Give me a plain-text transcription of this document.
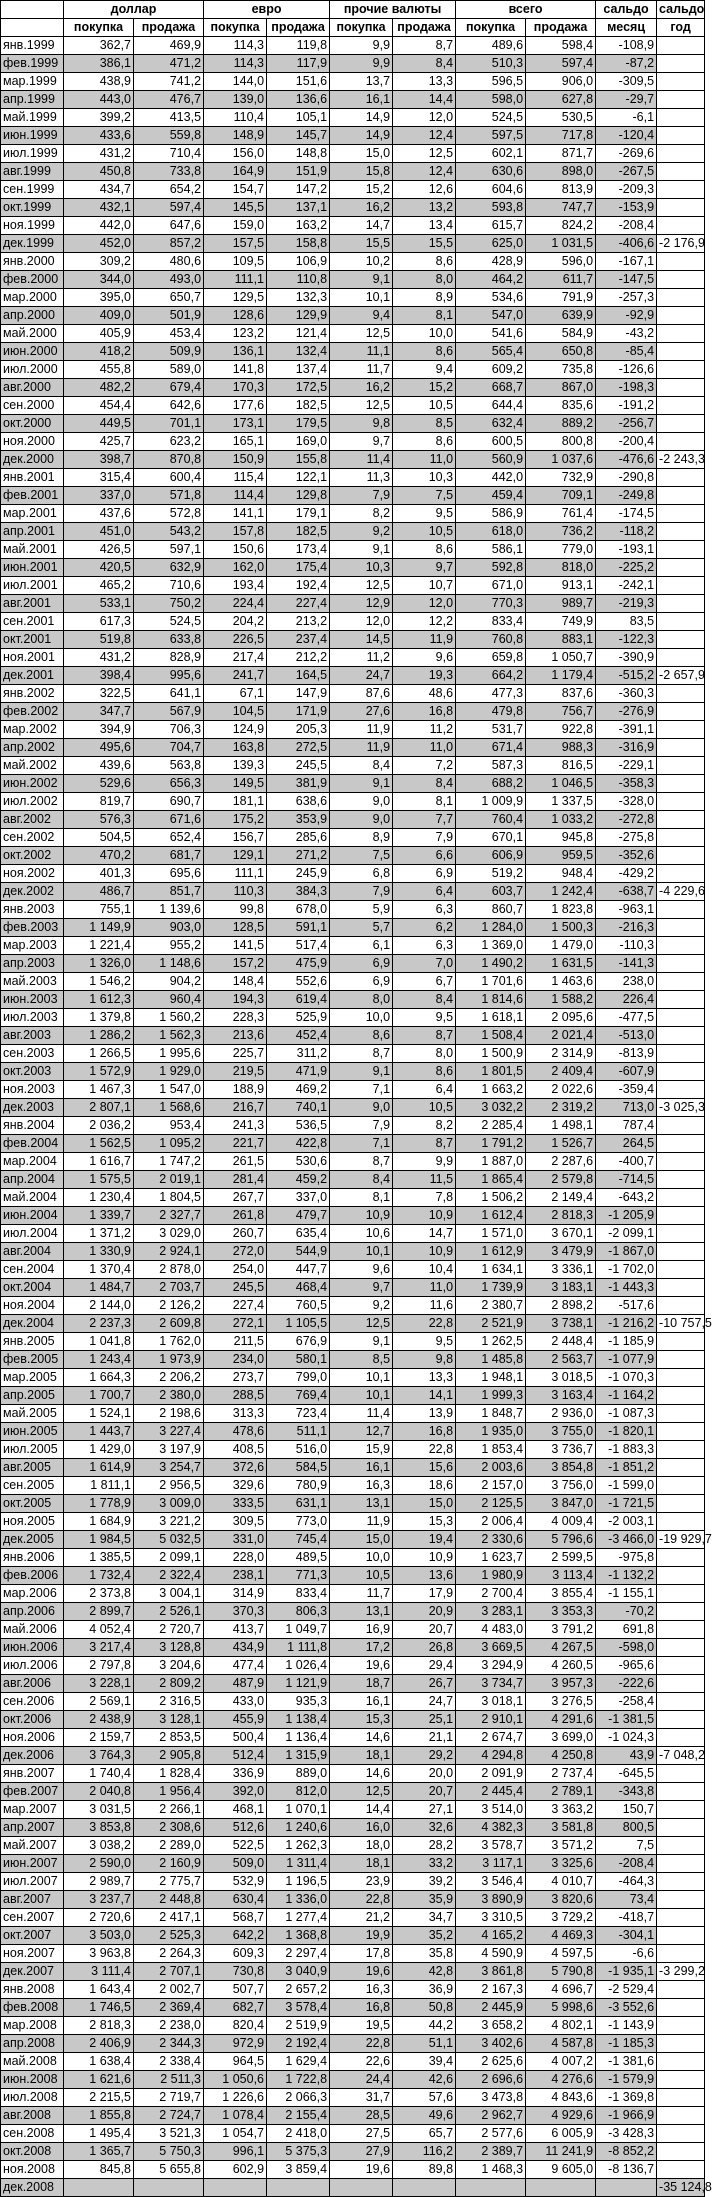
	доллар		евро		прочие валюты		всего		сальдо	сальдо
	покупка	продажа	покупка	продажа	покупка	продажа	покупка	продажа	месяц	год
янв.1999	362,7	469,9	114,3	119,8	9,9	8,7	489,6	598,4	-108,9	
фев.1999	386,1	471,2	114,3	117,9	9,9	8,4	510,3	597,4	-87,2	
мар.1999	438,9	741,2	144,0	151,6	13,7	13,3	596,5	906,0	-309,5	
апр.1999	443,0	476,7	139,0	136,6	16,1	14,4	598,0	627,8	-29,7	
май.1999	399,2	413,5	110,4	105,1	14,9	12,0	524,5	530,5	-6,1	
июн.1999	433,6	559,8	148,9	145,7	14,9	12,4	597,5	717,8	-120,4	
июл.1999	431,2	710,4	156,0	148,8	15,0	12,5	602,1	871,7	-269,6	
авг.1999	450,8	733,8	164,9	151,9	15,8	12,4	630,6	898,0	-267,5	
сен.1999	434,7	654,2	154,7	147,2	15,2	12,6	604,6	813,9	-209,3	
окт.1999	432,1	597,4	145,5	137,1	16,2	13,2	593,8	747,7	-153,9	
ноя.1999	442,0	647,6	159,0	163,2	14,7	13,4	615,7	824,2	-208,4	
дек.1999	452,0	857,2	157,5	158,8	15,5	15,5	625,0	1 031,5	-406,6	-2 176,9
янв.2000	309,2	480,6	109,5	106,9	10,2	8,6	428,9	596,0	-167,1	
фев.2000	344,0	493,0	111,1	110,8	9,1	8,0	464,2	611,7	-147,5	
мар.2000	395,0	650,7	129,5	132,3	10,1	8,9	534,6	791,9	-257,3	
апр.2000	409,0	501,9	128,6	129,9	9,4	8,1	547,0	639,9	-92,9	
май.2000	405,9	453,4	123,2	121,4	12,5	10,0	541,6	584,9	-43,2	
июн.2000	418,2	509,9	136,1	132,4	11,1	8,6	565,4	650,8	-85,4	
июл.2000	455,8	589,0	141,8	137,4	11,7	9,4	609,2	735,8	-126,6	
авг.2000	482,2	679,4	170,3	172,5	16,2	15,2	668,7	867,0	-198,3	
сен.2000	454,4	642,6	177,6	182,5	12,5	10,5	644,4	835,6	-191,2	
окт.2000	449,5	701,1	173,1	179,5	9,8	8,5	632,4	889,2	-256,7	
ноя.2000	425,7	623,2	165,1	169,0	9,7	8,6	600,5	800,8	-200,4	
дек.2000	398,7	870,8	150,9	155,8	11,4	11,0	560,9	1 037,6	-476,6	-2 243,3
янв.2001	315,4	600,4	115,4	122,1	11,3	10,3	442,0	732,9	-290,8	
фев.2001	337,0	571,8	114,4	129,8	7,9	7,5	459,4	709,1	-249,8	
мар.2001	437,6	572,8	141,1	179,1	8,2	9,5	586,9	761,4	-174,5	
апр.2001	451,0	543,2	157,8	182,5	9,2	10,5	618,0	736,2	-118,2	
май.2001	426,5	597,1	150,6	173,4	9,1	8,6	586,1	779,0	-193,1	
июн.2001	420,5	632,9	162,0	175,4	10,3	9,7	592,8	818,0	-225,2	
июл.2001	465,2	710,6	193,4	192,4	12,5	10,7	671,0	913,1	-242,1	
авг.2001	533,1	750,2	224,4	227,4	12,9	12,0	770,3	989,7	-219,3	
сен.2001	617,3	524,5	204,2	213,2	12,0	12,2	833,4	749,9	83,5	
окт.2001	519,8	633,8	226,5	237,4	14,5	11,9	760,8	883,1	-122,3	
ноя.2001	431,2	828,9	217,4	212,2	11,2	9,6	659,8	1 050,7	-390,9	
дек.2001	398,4	995,6	241,7	164,5	24,7	19,3	664,2	1 179,4	-515,2	-2 657,9
янв.2002	322,5	641,1	67,1	147,9	87,6	48,6	477,3	837,6	-360,3	
фев.2002	347,7	567,9	104,5	171,9	27,6	16,8	479,8	756,7	-276,9	
мар.2002	394,9	706,3	124,9	205,3	11,9	11,2	531,7	922,8	-391,1	
апр.2002	495,6	704,7	163,8	272,5	11,9	11,0	671,4	988,3	-316,9	
май.2002	439,6	563,8	139,3	245,5	8,4	7,2	587,3	816,5	-229,1	
июн.2002	529,6	656,3	149,5	381,9	9,1	8,4	688,2	1 046,5	-358,3	
июл.2002	819,7	690,7	181,1	638,6	9,0	8,1	1 009,9	1 337,5	-328,0	
авг.2002	576,3	671,6	175,2	353,9	9,0	7,7	760,4	1 033,2	-272,8	
сен.2002	504,5	652,4	156,7	285,6	8,9	7,9	670,1	945,8	-275,8	
окт.2002	470,2	681,7	129,1	271,2	7,5	6,6	606,9	959,5	-352,6	
ноя.2002	401,3	695,6	111,1	245,9	6,8	6,9	519,2	948,4	-429,2	
дек.2002	486,7	851,7	110,3	384,3	7,9	6,4	603,7	1 242,4	-638,7	-4 229,6
янв.2003	755,1	1 139,6	99,8	678,0	5,9	6,3	860,7	1 823,8	-963,1	
фев.2003	1 149,9	903,0	128,5	591,1	5,7	6,2	1 284,0	1 500,3	-216,3	
мар.2003	1 221,4	955,2	141,5	517,4	6,1	6,3	1 369,0	1 479,0	-110,3	
апр.2003	1 326,0	1 148,6	157,2	475,9	6,9	7,0	1 490,2	1 631,5	-141,3	
май.2003	1 546,2	904,2	148,4	552,6	6,9	6,7	1 701,6	1 463,6	238,0	
июн.2003	1 612,3	960,4	194,3	619,4	8,0	8,4	1 814,6	1 588,2	226,4	
июл.2003	1 379,8	1 560,2	228,3	525,9	10,0	9,5	1 618,1	2 095,6	-477,5	
авг.2003	1 286,2	1 562,3	213,6	452,4	8,6	8,7	1 508,4	2 021,4	-513,0	
сен.2003	1 266,5	1 995,6	225,7	311,2	8,7	8,0	1 500,9	2 314,9	-813,9	
окт.2003	1 572,9	1 929,0	219,5	471,9	9,1	8,6	1 801,5	2 409,4	-607,9	
ноя.2003	1 467,3	1 547,0	188,9	469,2	7,1	6,4	1 663,2	2 022,6	-359,4	
дек.2003	2 807,1	1 568,6	216,7	740,1	9,0	10,5	3 032,2	2 319,2	713,0	-3 025,3
янв.2004	2 036,2	953,4	241,3	536,5	7,9	8,2	2 285,4	1 498,1	787,4	
фев.2004	1 562,5	1 095,2	221,7	422,8	7,1	8,7	1 791,2	1 526,7	264,5	
мар.2004	1 616,7	1 747,2	261,5	530,6	8,7	9,9	1 887,0	2 287,6	-400,7	
апр.2004	1 575,5	2 019,1	281,4	459,2	8,4	11,5	1 865,4	2 579,8	-714,5	
май.2004	1 230,4	1 804,5	267,7	337,0	8,1	7,8	1 506,2	2 149,4	-643,2	
июн.2004	1 339,7	2 327,7	261,8	479,7	10,9	10,9	1 612,4	2 818,3	-1 205,9	
июл.2004	1 371,2	3 029,0	260,7	635,4	10,6	14,7	1 571,0	3 670,1	-2 099,1	
авг.2004	1 330,9	2 924,1	272,0	544,9	10,1	10,9	1 612,9	3 479,9	-1 867,0	
сен.2004	1 370,4	2 878,0	254,0	447,7	9,6	10,4	1 634,1	3 336,1	-1 702,0	
окт.2004	1 484,7	2 703,7	245,5	468,4	9,7	11,0	1 739,9	3 183,1	-1 443,3	
ноя.2004	2 144,0	2 126,2	227,4	760,5	9,2	11,6	2 380,7	2 898,2	-517,6	
дек.2004	2 237,3	2 609,8	272,1	1 105,5	12,5	22,8	2 521,9	3 738,1	-1 216,2	-10 757,5
янв.2005	1 041,8	1 762,0	211,5	676,9	9,1	9,5	1 262,5	2 448,4	-1 185,9	
фев.2005	1 243,4	1 973,9	234,0	580,1	8,5	9,8	1 485,8	2 563,7	-1 077,9	
мар.2005	1 664,3	2 206,2	273,7	799,0	10,1	13,3	1 948,1	3 018,5	-1 070,3	
апр.2005	1 700,7	2 380,0	288,5	769,4	10,1	14,1	1 999,3	3 163,4	-1 164,2	
май.2005	1 524,1	2 198,6	313,3	723,4	11,4	13,9	1 848,7	2 936,0	-1 087,3	
июн.2005	1 443,7	3 227,4	478,6	511,1	12,7	16,8	1 935,0	3 755,0	-1 820,1	
июл.2005	1 429,0	3 197,9	408,5	516,0	15,9	22,8	1 853,4	3 736,7	-1 883,3	
авг.2005	1 614,9	3 254,7	372,6	584,5	16,1	15,6	2 003,6	3 854,8	-1 851,2	
сен.2005	1 811,1	2 956,5	329,6	780,9	16,3	18,6	2 157,0	3 756,0	-1 599,0	
окт.2005	1 778,9	3 009,0	333,5	631,1	13,1	15,0	2 125,5	3 847,0	-1 721,5	
ноя.2005	1 684,9	3 221,2	309,5	773,0	11,9	15,3	2 006,4	4 009,4	-2 003,1	
дек.2005	1 984,5	5 032,5	331,0	745,4	15,0	19,4	2 330,6	5 796,6	-3 466,0	-19 929,7
янв.2006	1 385,5	2 099,1	228,0	489,5	10,0	10,9	1 623,7	2 599,5	-975,8	
фев.2006	1 732,4	2 322,4	238,1	771,3	10,5	13,6	1 980,9	3 113,4	-1 132,2	
мар.2006	2 373,8	3 004,1	314,9	833,4	11,7	17,9	2 700,4	3 855,4	-1 155,1	
апр.2006	2 899,7	2 526,1	370,3	806,3	13,1	20,9	3 283,1	3 353,3	-70,2	
май.2006	4 052,4	2 720,7	413,7	1 049,7	16,9	20,7	4 483,0	3 791,2	691,8	
июн.2006	3 217,4	3 128,8	434,9	1 111,8	17,2	26,8	3 669,5	4 267,5	-598,0	
июл.2006	2 797,8	3 204,6	477,4	1 026,4	19,6	29,4	3 294,9	4 260,5	-965,6	
авг.2006	3 228,1	2 809,2	487,9	1 121,9	18,7	26,7	3 734,7	3 957,3	-222,6	
сен.2006	2 569,1	2 316,5	433,0	935,3	16,1	24,7	3 018,1	3 276,5	-258,4	
окт.2006	2 438,9	3 128,1	455,9	1 138,4	15,3	25,1	2 910,1	4 291,6	-1 381,5	
ноя.2006	2 159,7	2 853,5	500,4	1 136,4	14,6	21,1	2 674,7	3 699,0	-1 024,3	
дек.2006	3 764,3	2 905,8	512,4	1 315,9	18,1	29,2	4 294,8	4 250,8	43,9	-7 048,2
янв.2007	1 740,4	1 828,4	336,9	889,0	14,6	20,0	2 091,9	2 737,4	-645,5	
фев.2007	2 040,8	1 956,4	392,0	812,0	12,5	20,7	2 445,4	2 789,1	-343,8	
мар.2007	3 031,5	2 266,1	468,1	1 070,1	14,4	27,1	3 514,0	3 363,2	150,7	
апр.2007	3 853,8	2 308,6	512,6	1 240,6	16,0	32,6	4 382,3	3 581,8	800,5	
май.2007	3 038,2	2 289,0	522,5	1 262,3	18,0	28,2	3 578,7	3 571,2	7,5	
июн.2007	2 590,0	2 160,9	509,0	1 311,4	18,1	33,2	3 117,1	3 325,6	-208,4	
июл.2007	2 989,7	2 775,7	532,9	1 196,5	23,9	39,2	3 546,4	4 010,7	-464,3	
авг.2007	3 237,7	2 448,8	630,4	1 336,0	22,8	35,9	3 890,9	3 820,6	73,4	
сен.2007	2 720,6	2 417,1	568,7	1 277,4	21,2	34,7	3 310,5	3 729,2	-418,7	
окт.2007	3 503,0	2 525,3	642,2	1 368,8	19,9	35,2	4 165,2	4 469,3	-304,1	
ноя.2007	3 963,8	2 264,3	609,3	2 297,4	17,8	35,8	4 590,9	4 597,5	-6,6	
дек.2007	3 111,4	2 707,1	730,8	3 040,9	19,6	42,8	3 861,8	5 790,8	-1 935,1	-3 299,2
янв.2008	1 643,4	2 002,7	507,7	2 657,2	16,3	36,9	2 167,3	4 696,7	-2 529,4	
фев.2008	1 746,5	2 369,4	682,7	3 578,4	16,8	50,8	2 445,9	5 998,6	-3 552,6	
мар.2008	2 818,3	2 238,0	820,4	2 519,9	19,5	44,2	3 658,2	4 802,1	-1 143,9	
апр.2008	2 406,9	2 344,3	972,9	2 192,4	22,8	51,1	3 402,6	4 587,8	-1 185,3	
май.2008	1 638,4	2 338,4	964,5	1 629,4	22,6	39,4	2 625,6	4 007,2	-1 381,6	
июн.2008	1 621,6	2 511,3	1 050,6	1 722,8	24,4	42,6	2 696,6	4 276,6	-1 579,9	
июл.2008	2 215,5	2 719,7	1 226,6	2 066,3	31,7	57,6	3 473,8	4 843,6	-1 369,8	
авг.2008	1 855,8	2 724,7	1 078,4	2 155,4	28,5	49,6	2 962,7	4 929,6	-1 966,9	
сен.2008	1 495,4	3 521,3	1 054,7	2 418,0	27,5	65,7	2 577,6	6 005,9	-3 428,3	
окт.2008	1 365,7	5 750,3	996,1	5 375,3	27,9	116,2	2 389,7	11 241,9	-8 852,2	
ноя.2008	845,8	5 655,8	602,9	3 859,4	19,6	89,8	1 468,3	9 605,0	-8 136,7	
дек.2008										-35 124,8
